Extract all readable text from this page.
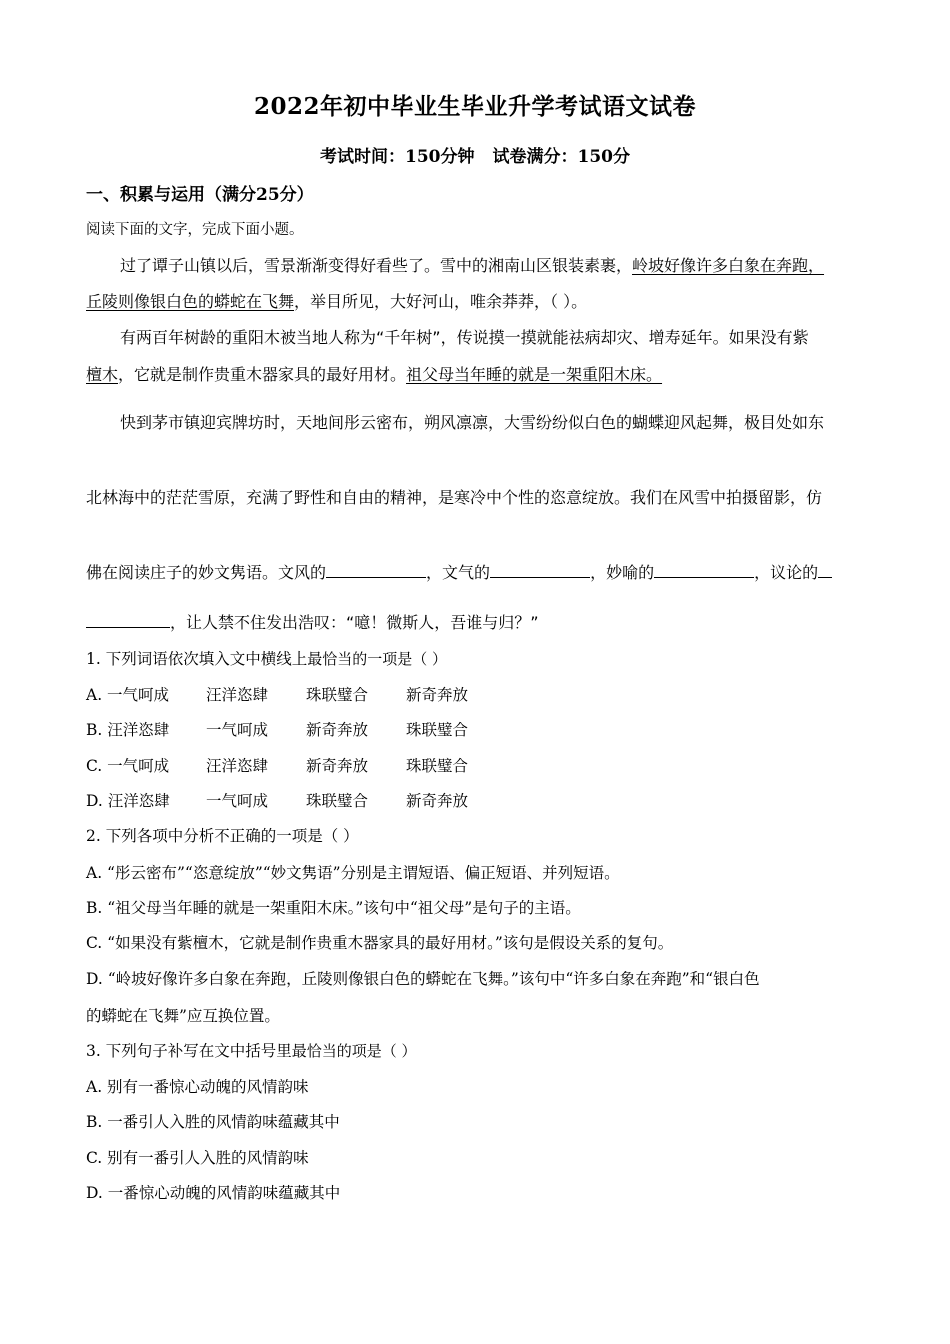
2022年初中毕业生毕业升学考试语文试卷
考试时间：150分钟 试卷满分：150分
一、积累与运用（满分25分）
阅读下面的文字，完成下面小题。
过了谭子山镇以后，雪景渐渐变得好看些了。雪中的湘南山区银装素裹，岭坡好像许多白象在奔跑，
丘陵则像银白色的蟒蛇在飞舞，举目所见，大好河山，唯余莽莽，（ ）。
有两百年树龄的重阳木被当地人称为“千年树”，传说摸一摸就能祛病却灾、增寿延年。如果没有紫
檀木，它就是制作贵重木器家具的最好用材。祖父母当年睡的就是一架重阳木床。
快到茅市镇迎宾牌坊时，天地间彤云密布，朔风凛凛，大雪纷纷似白色的蝴蝶迎风起舞，极目处如东
北林海中的茫茫雪原，充满了野性和自由的精神，是寒冷中个性的恣意绽放。我们在风雪中拍摄留影，仿
佛在阅读庄子的妙文隽语。文风的	，文气的	，妙喻的	，议论的
，让人禁不住发出浩叹：“噫！微斯人，吾谁与归？”
1. 下列词语依次填入文中横线上最恰当的一项是（ ）
A. 一气呵成 汪洋恣肆 珠联璧合 新奇奔放
B. 汪洋恣肆 一气呵成 新奇奔放 珠联璧合
C. 一气呵成 汪洋恣肆 新奇奔放 珠联璧合
D. 汪洋恣肆 一气呵成 珠联璧合 新奇奔放
2. 下列各项中分析不正确的一项是（ ）
A. “彤云密布”“恣意绽放”“妙文隽语”分别是主谓短语、偏正短语、并列短语。
B. “祖父母当年睡的就是一架重阳木床。”该句中“祖父母”是句子的主语。
C. “如果没有紫檀木，它就是制作贵重木器家具的最好用材。”该句是假设关系的复句。
D. “岭坡好像许多白象在奔跑，丘陵则像银白色的蟒蛇在飞舞。”该句中“许多白象在奔跑”和“银白色
的蟒蛇在飞舞”应互换位置。
3. 下列句子补写在文中括号里最恰当的项是（ ）
A. 别有一番惊心动魄的风情韵味
B. 一番引人入胜的风情韵味蕴藏其中
C. 别有一番引人入胜的风情韵味
D. 一番惊心动魄的风情韵味蕴藏其中
